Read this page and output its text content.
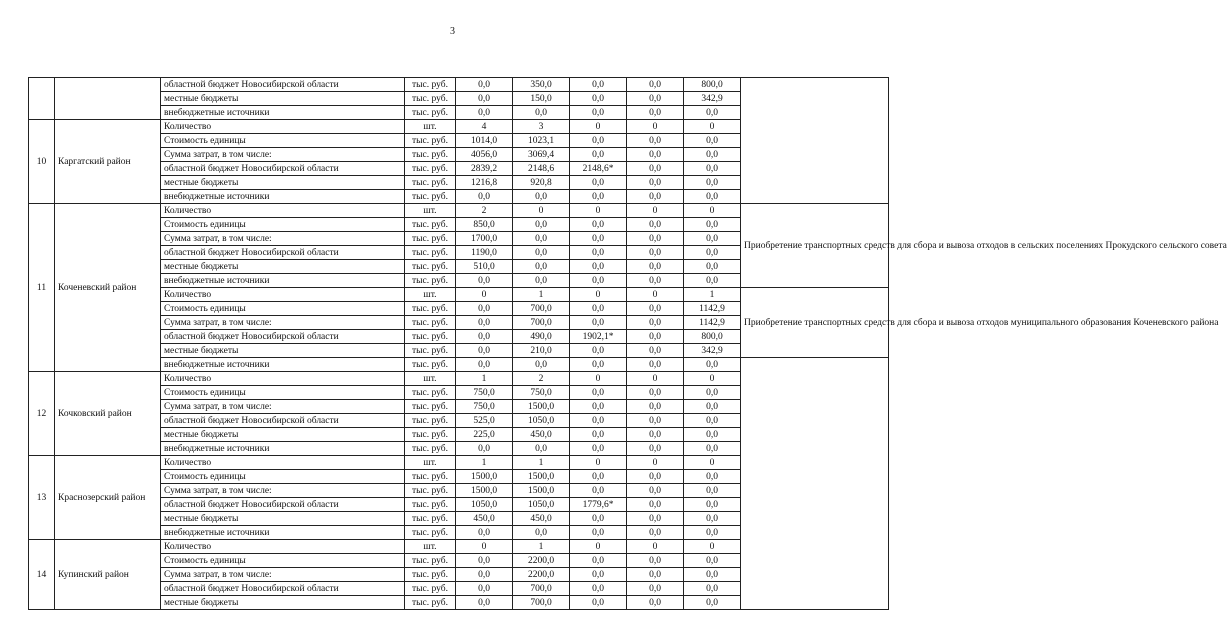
3
		областной бюджет Новосибирской области	тыс. руб.	0,0	350,0	0,0	0,0	800,0	
		местные бюджеты	тыс. руб.	0,0	150,0	0,0	0,0	342,9	
		внебюджетные источники	тыс. руб.	0,0	0,0	0,0	0,0	0,0	
10	Каргатский район	Количество	шт.	4	3	0	0	0	
		Стоимость единицы	тыс. руб.	1014,0	1023,1	0,0	0,0	0,0	
		Сумма затрат, в том числе:	тыс. руб.	4056,0	3069,4	0,0	0,0	0,0	
		областной бюджет Новосибирской области	тыс. руб.	2839,2	2148,6	2148,6*	0,0	0,0	
		местные бюджеты	тыс. руб.	1216,8	920,8	0,0	0,0	0,0	
		внебюджетные источники	тыс. руб.	0,0	0,0	0,0	0,0	0,0	
11	Коченевский район	Количество	шт.	2	0	0	0	0	Приобретение транспортных средств для сбора и вывоза отходов в сельских поселениях Прокудского сельского совета
		Стоимость единицы	тыс. руб.	850,0	0,0	0,0	0,0	0,0	
		Сумма затрат, в том числе:	тыс. руб.	1700,0	0,0	0,0	0,0	0,0	
		областной бюджет Новосибирской области	тыс. руб.	1190,0	0,0	0,0	0,0	0,0	
		местные бюджеты	тыс. руб.	510,0	0,0	0,0	0,0	0,0	
		внебюджетные источники	тыс. руб.	0,0	0,0	0,0	0,0	0,0	
		Количество	шт.	0	1	0	0	1	Приобретение транспортных средств для сбора и вывоза отходов муниципального образования Коченевского района
		Стоимость единицы	тыс. руб.	0,0	700,0	0,0	0,0	1142,9	
		Сумма затрат, в том числе:	тыс. руб.	0,0	700,0	0,0	0,0	1142,9	
		областной бюджет Новосибирской области	тыс. руб.	0,0	490,0	1902,1*	0,0	800,0	
		местные бюджеты	тыс. руб.	0,0	210,0	0,0	0,0	342,9	
		внебюджетные источники	тыс. руб.	0,0	0,0	0,0	0,0	0,0	
12	Кочковский район	Количество	шт.	1	2	0	0	0	
		Стоимость единицы	тыс. руб.	750,0	750,0	0,0	0,0	0,0	
		Сумма затрат, в том числе:	тыс. руб.	750,0	1500,0	0,0	0,0	0,0	
		областной бюджет Новосибирской области	тыс. руб.	525,0	1050,0	0,0	0,0	0,0	
		местные бюджеты	тыс. руб.	225,0	450,0	0,0	0,0	0,0	
		внебюджетные источники	тыс. руб.	0,0	0,0	0,0	0,0	0,0	
13	Краснозерский район	Количество	шт.	1	1	0	0	0	
		Стоимость единицы	тыс. руб.	1500,0	1500,0	0,0	0,0	0,0	
		Сумма затрат, в том числе:	тыс. руб.	1500,0	1500,0	0,0	0,0	0,0	
		областной бюджет Новосибирской области	тыс. руб.	1050,0	1050,0	1779,6*	0,0	0,0	
		местные бюджеты	тыс. руб.	450,0	450,0	0,0	0,0	0,0	
		внебюджетные источники	тыс. руб.	0,0	0,0	0,0	0,0	0,0	
14	Купинский район	Количество	шт.	0	1	0	0	0	
		Стоимость единицы	тыс. руб.	0,0	2200,0	0,0	0,0	0,0	
		Сумма затрат, в том числе:	тыс. руб.	0,0	2200,0	0,0	0,0	0,0	
		областной бюджет Новосибирской области	тыс. руб.	0,0	700,0	0,0	0,0	0,0	
		местные бюджеты	тыс. руб.	0,0	700,0	0,0	0,0	0,0	
